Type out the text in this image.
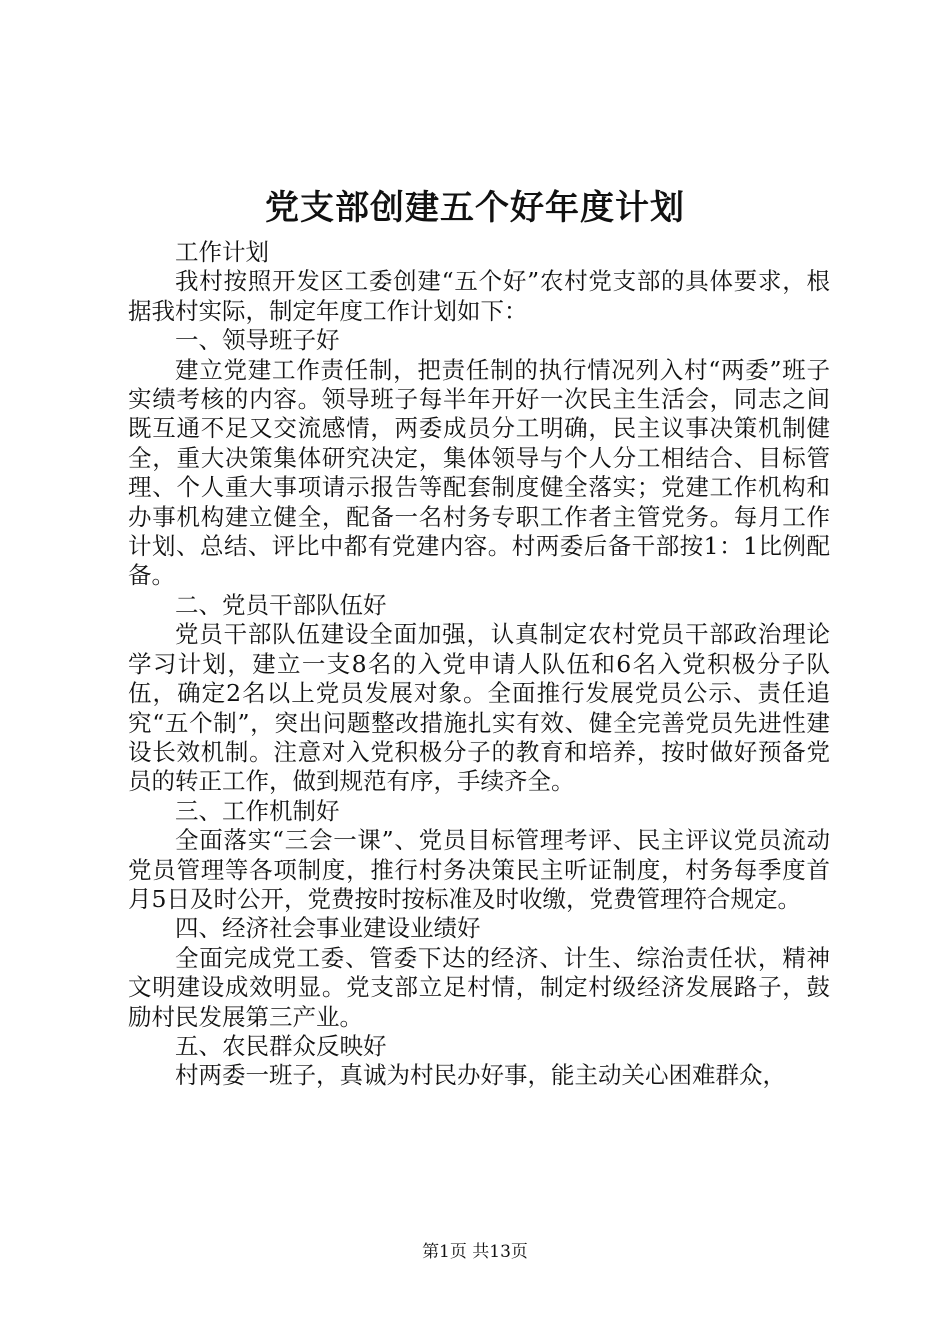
党支部创建五个好年度计划

工作计划

我村按照开发区工委创建“五个好”农村党支部的具体要求，根据我村实际，制定年度工作计划如下：

一、领导班子好

建立党建工作责任制，把责任制的执行情况列入村“两委”班子实绩考核的内容。领导班子每半年开好一次民主生活会，同志之间既互通不足又交流感情，两委成员分工明确，民主议事决策机制健全，重大决策集体研究决定，集体领导与个人分工相结合、目标管理、个人重大事项请示报告等配套制度健全落实；党建工作机构和办事机构建立健全，配备一名村务专职工作者主管党务。每月工作计划、总结、评比中都有党建内容。村两委后备干部按1：1比例配备。

二、党员干部队伍好

党员干部队伍建设全面加强，认真制定农村党员干部政治理论学习计划，建立一支8名的入党申请人队伍和6名入党积极分子队伍，确定2名以上党员发展对象。全面推行发展党员公示、责任追究“五个制”，突出问题整改措施扎实有效、健全完善党员先进性建设长效机制。注意对入党积极分子的教育和培养，按时做好预备党员的转正工作，做到规范有序，手续齐全。

三、工作机制好

全面落实“三会一课”、党员目标管理考评、民主评议党员流动党员管理等各项制度，推行村务决策民主听证制度，村务每季度首月5日及时公开，党费按时按标准及时收缴，党费管理符合规定。

四、经济社会事业建设业绩好

全面完成党工委、管委下达的经济、计生、综治责任状，精神文明建设成效明显。党支部立足村情，制定村级经济发展路子，鼓励村民发展第三产业。

五、农民群众反映好

村两委一班子，真诚为村民办好事，能主动关心困难群众，

第1页 共13页
